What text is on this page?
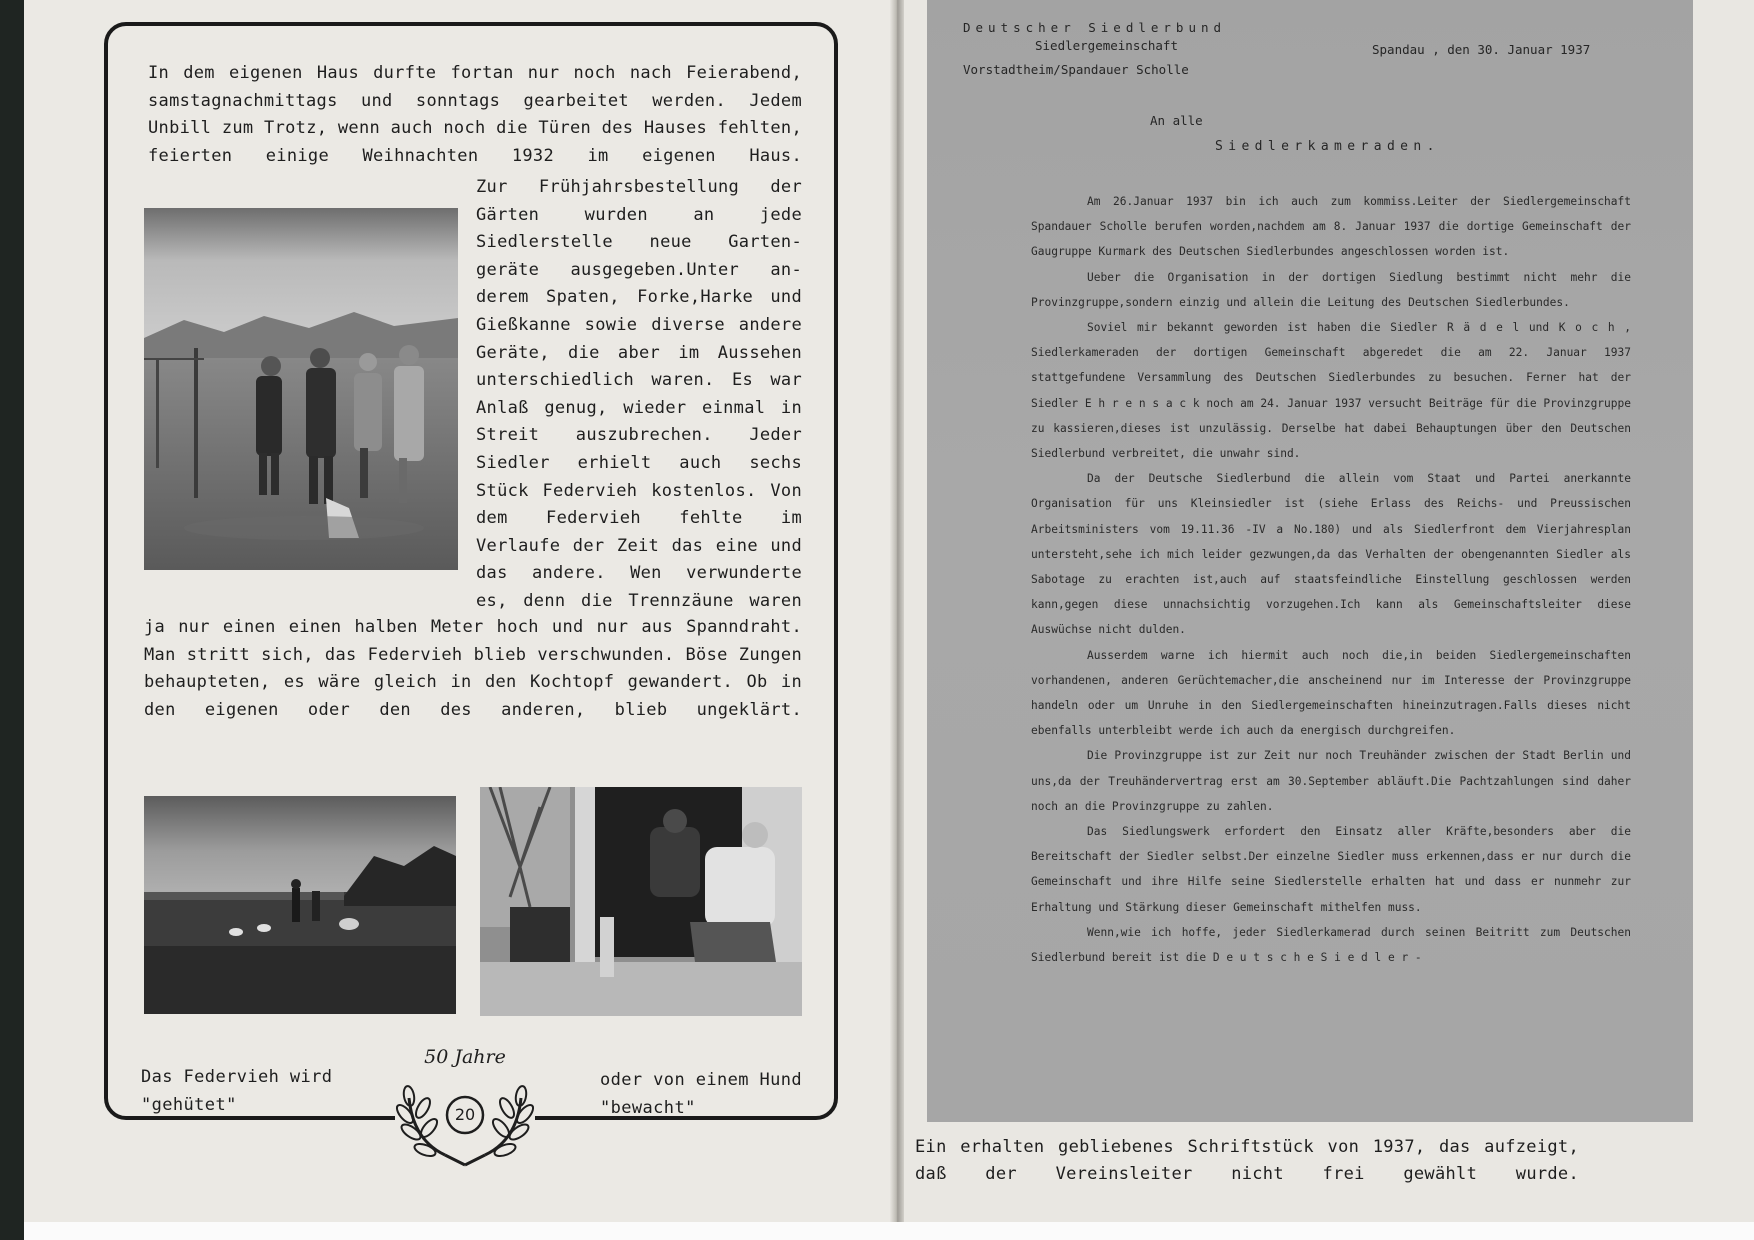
In dem eigenen Haus durfte fortan nur noch nach Feierabend, samstagnachmittags und sonntags gearbeitet werden. Jedem Unbill zum Trotz, wenn auch noch die Türen des Hauses fehlten, feierten einige Weihnachten 1932 im eigenen Haus.
Zur Frühjahrsbestellung der Gärten wurden an jede Siedlerstelle neue Garten-geräte ausgegeben.Unter an-derem Spaten, Forke,Harke und Gießkanne sowie diverse andere Geräte, die aber im Aussehen unterschiedlich waren. Es war Anlaß genug, wieder einmal in Streit auszubrechen. Jeder Siedler erhielt auch sechs Stück Federvieh kostenlos. Von dem Federvieh fehlte im Verlaufe der Zeit das eine und das andere. Wen verwunderte es, denn die Trennzäune waren
ja nur einen einen halben Meter hoch und nur aus Spanndraht. Man stritt sich, das Federvieh blieb verschwunden. Böse Zungen behaupteten, es wäre gleich in den Kochtopf gewandert. Ob in den eigenen oder den des anderen, blieb ungeklärt.
Das Federvieh wird
"gehütet"
oder von einem Hund
"bewacht"
50 Jahre
20
Deutscher Siedlerbund
Siedlergemeinschaft
Vorstadtheim/Spandauer Scholle
Spandau , den 30. Januar 1937
An alle
Siedlerkameraden.

Am 26.Januar 1937 bin ich auch zum kommiss.Leiter der Siedlergemeinschaft Spandauer Scholle berufen worden,nachdem am 8. Januar 1937 die dortige Gemeinschaft der Gaugruppe Kurmark des Deutschen Siedlerbundes angeschlossen worden ist.

Ueber die Organisation in der dortigen Siedlung bestimmt nicht mehr die Provinzgruppe,sondern einzig und allein die Leitung des Deutschen Siedlerbundes.

Soviel mir bekannt geworden ist haben die Siedler R ä d e l und K o c h , Siedlerkameraden der dortigen Gemeinschaft abgeredet die am 22. Januar 1937 stattgefundene Versammlung des Deutschen Siedlerbundes zu besuchen. Ferner hat der Siedler E h r e n s a c k noch am 24. Januar 1937 versucht Beiträge für die Provinzgruppe zu kassieren,dieses ist unzulässig. Derselbe hat dabei Behauptungen über den Deutschen Siedlerbund verbreitet, die unwahr sind.

Da der Deutsche Siedlerbund die allein vom Staat und Partei anerkannte Organisation für uns Kleinsiedler ist (siehe Erlass des Reichs- und Preussischen Arbeitsministers vom 19.11.36 -IV a No.180) und als Siedlerfront dem Vierjahresplan untersteht,sehe ich mich leider gezwungen,da das Verhalten der obengenannten Siedler als Sabotage zu erachten ist,auch auf staatsfeindliche Einstellung geschlossen werden kann,gegen diese unnachsichtig vorzugehen.Ich kann als Gemeinschaftsleiter diese Auswüchse nicht dulden.

Ausserdem warne ich hiermit auch noch die,in beiden Siedlergemeinschaften vorhandenen, anderen Gerüchtemacher,die anscheinend nur im Interesse der Provinzgruppe handeln oder um Unruhe in den Siedlergemeinschaften hineinzutragen.Falls dieses nicht ebenfalls unterbleibt werde ich auch da energisch durchgreifen.

Die Provinzgruppe ist zur Zeit nur noch Treuhänder zwischen der Stadt Berlin und uns,da der Treuhändervertrag erst am 30.September abläuft.Die Pachtzahlungen sind daher noch an die Provinzgruppe zu zahlen.

Das Siedlungswerk erfordert den Einsatz aller Kräfte,besonders aber die Bereitschaft der Siedler selbst.Der einzelne Siedler muss erkennen,dass er nur durch die Gemeinschaft und ihre Hilfe seine Siedlerstelle erhalten hat und dass er nunmehr zur Erhaltung und Stärkung dieser Gemeinschaft mithelfen muss.

Wenn,wie ich hoffe, jeder Siedlerkamerad durch seinen Beitritt zum Deutschen Siedlerbund bereit ist die D e u t s c h e S i e d l e r -

Ein erhalten gebliebenes Schriftstück von 1937, das aufzeigt, daß der Vereinsleiter nicht frei gewählt wurde.
